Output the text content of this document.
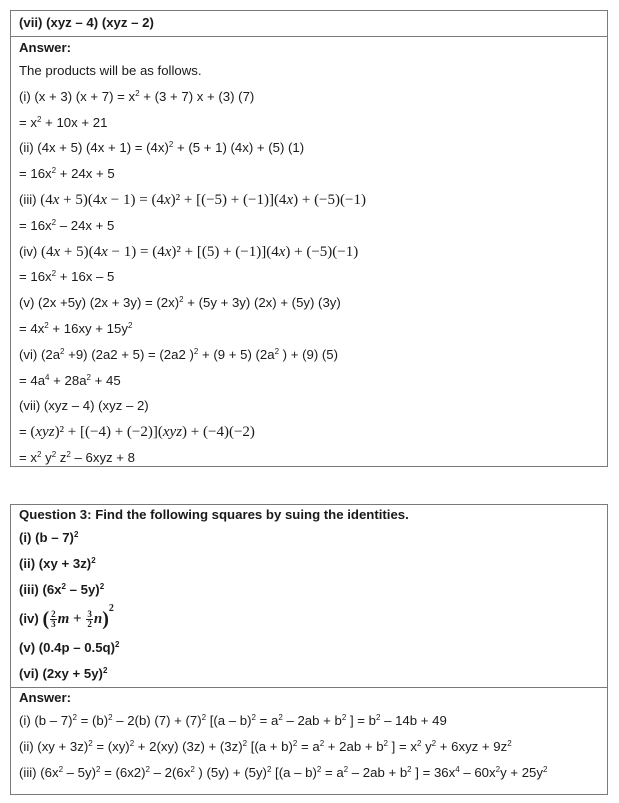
(vii) (xyz – 4) (xyz – 2)
Answer:
The products will be as follows.
(i) (x + 3) $(x + 7) = x^2 + (3 + 7) x + (3)$ (7)
= $x^2 + 10x + 21$
(ii) (4x + 5) $(4x + 1) = (4x)^2 + (5 + 1) (4x) + (5)$ (1)
= $16x^2 + 24x + 5$
(iii) (4x + 5)(4x − 1) = (4x)² + [(−5) + (−1)](4x) + (−5)(−1)
= $16x^2 - 24x + 5$
(iv) (4x + 5)(4x − 1) = (4x)² + [(5) + (−1)](4x) + (−5)(−1)
= $16x^2 + 16x - 5$
(v) (2x +5y) $(2x + 3y) = (2x)^2 + (5y + 3y) (2x) + (5y)$ (3y)
= $4x^2 + 16xy + 15y^2$
(vi) $(2a^2 +9) (2a2 + 5) = (2a2$ )$^2$ + (9 + 5) ($2a^2$ ) + (9) (5)
= $4a^4 + 28a^2 + 45$
(vii) (xyz – 4) (xyz – 2)
= (xyz)² + [(−4) + (−2)](xyz) + (−4)(−2)
= $x^2$ $y^2$ $z^2 - 6xyz + 8$
Question 3: Find the following squares by suing the identities.
(i) (b – 7)$^2$
(ii) (xy + 3z)$^2$
(iii) $(6x^2 - 5y)^2$
(iv) ( $\frac{2}{3}$ $m + \frac{3}{2} n)^2$
(v) (0.4p – 0.5q)$^2$
(vi) $(2xy + 5y)^2$
Answer:
(i) $(b - 7)^2 = (b)^2 - 2(b) (7) + (7)^2$ [$(a - b)^2 = a^2 - 2ab + b^2$ ] = $b^2 - 14b + 49$
(ii) (xy + 3z)$^2$ = (xy)$^2$ + 2(xy) $(3z) + (3z)^2$ [$(a + b)^2 = a^2 + 2ab + b^2$ ] = $x^2$ $y^2 + 6xyz + 9z^2$
(iii) $(6x^2 - 5y)^2 = (6x2)^2 - 2(6x^2$ ) $(5y) + (5y)^2$ [$(a - b)^2 = a^2 - 2ab + b^2$ ] = $36x^4 - 60x^2y + 25y^2$
